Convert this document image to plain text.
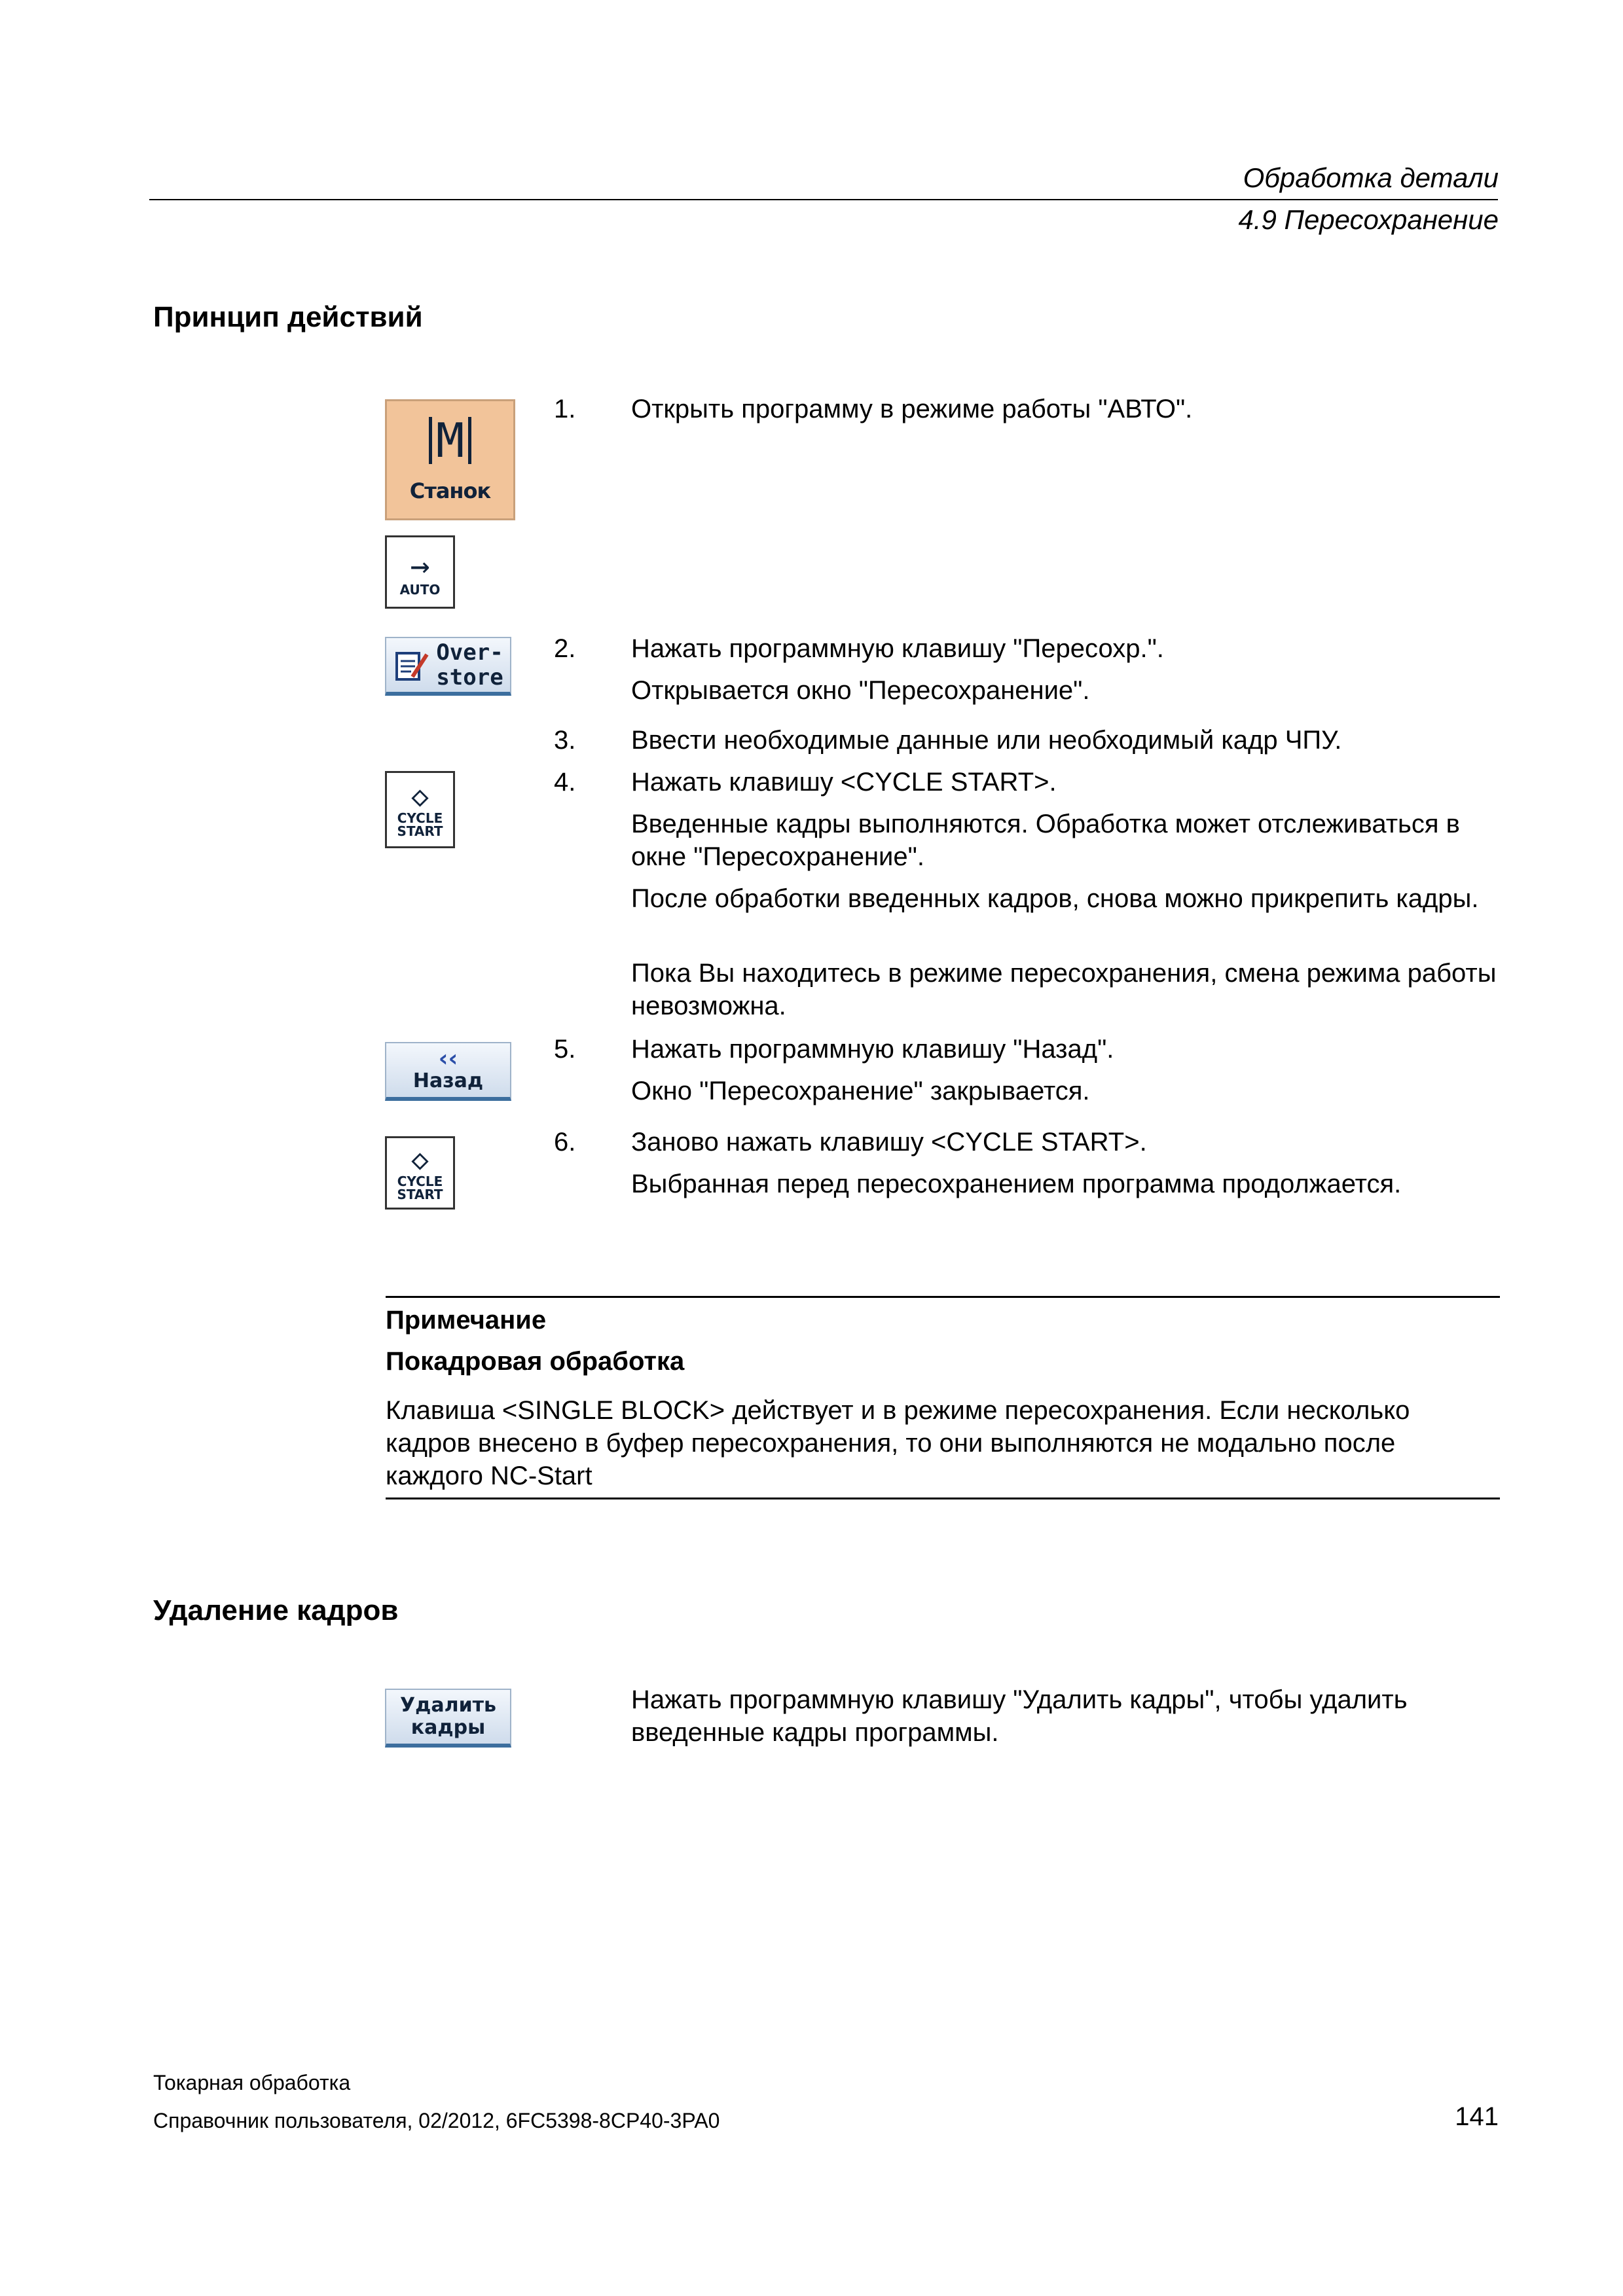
Обработка детали
4.9 Пересохранение
Принцип действий
M
Станок
→
AUTO
Over-
store
◇
CYCLE
START
‹‹
Назад
◇
CYCLE
START
1. Открыть программу в режиме работы "АВТО".
2. Нажать программную клавишу "Пересохр.".
Открывается окно "Пересохранение".
3. Ввести необходимые данные или необходимый кадр ЧПУ.
4. Нажать клавишу <CYCLE START>.
Введенные кадры выполняются. Обработка может отслеживаться в окне "Пересохранение".
После обработки введенных кадров, снова можно прикрепить кадры.
Пока Вы находитесь в режиме пересохранения, смена режима работы невозможна.
5. Нажать программную клавишу "Назад".
Окно "Пересохранение" закрывается.
6. Заново нажать клавишу <CYCLE START>.
Выбранная перед пересохранением программа продолжается.
Примечание
Покадровая обработка
Клавиша <SINGLE BLOCK> действует и в режиме пересохранения. Если несколько кадров внесено в буфер пересохранения, то они выполняются не модально после каждого NC-Start
Удаление кадров
Удалить
кадры
Нажать программную клавишу "Удалить кадры", чтобы удалить введенные кадры программы.
Токарная обработка
Справочник пользователя, 02/2012, 6FC5398-8CP40-3PA0	141
